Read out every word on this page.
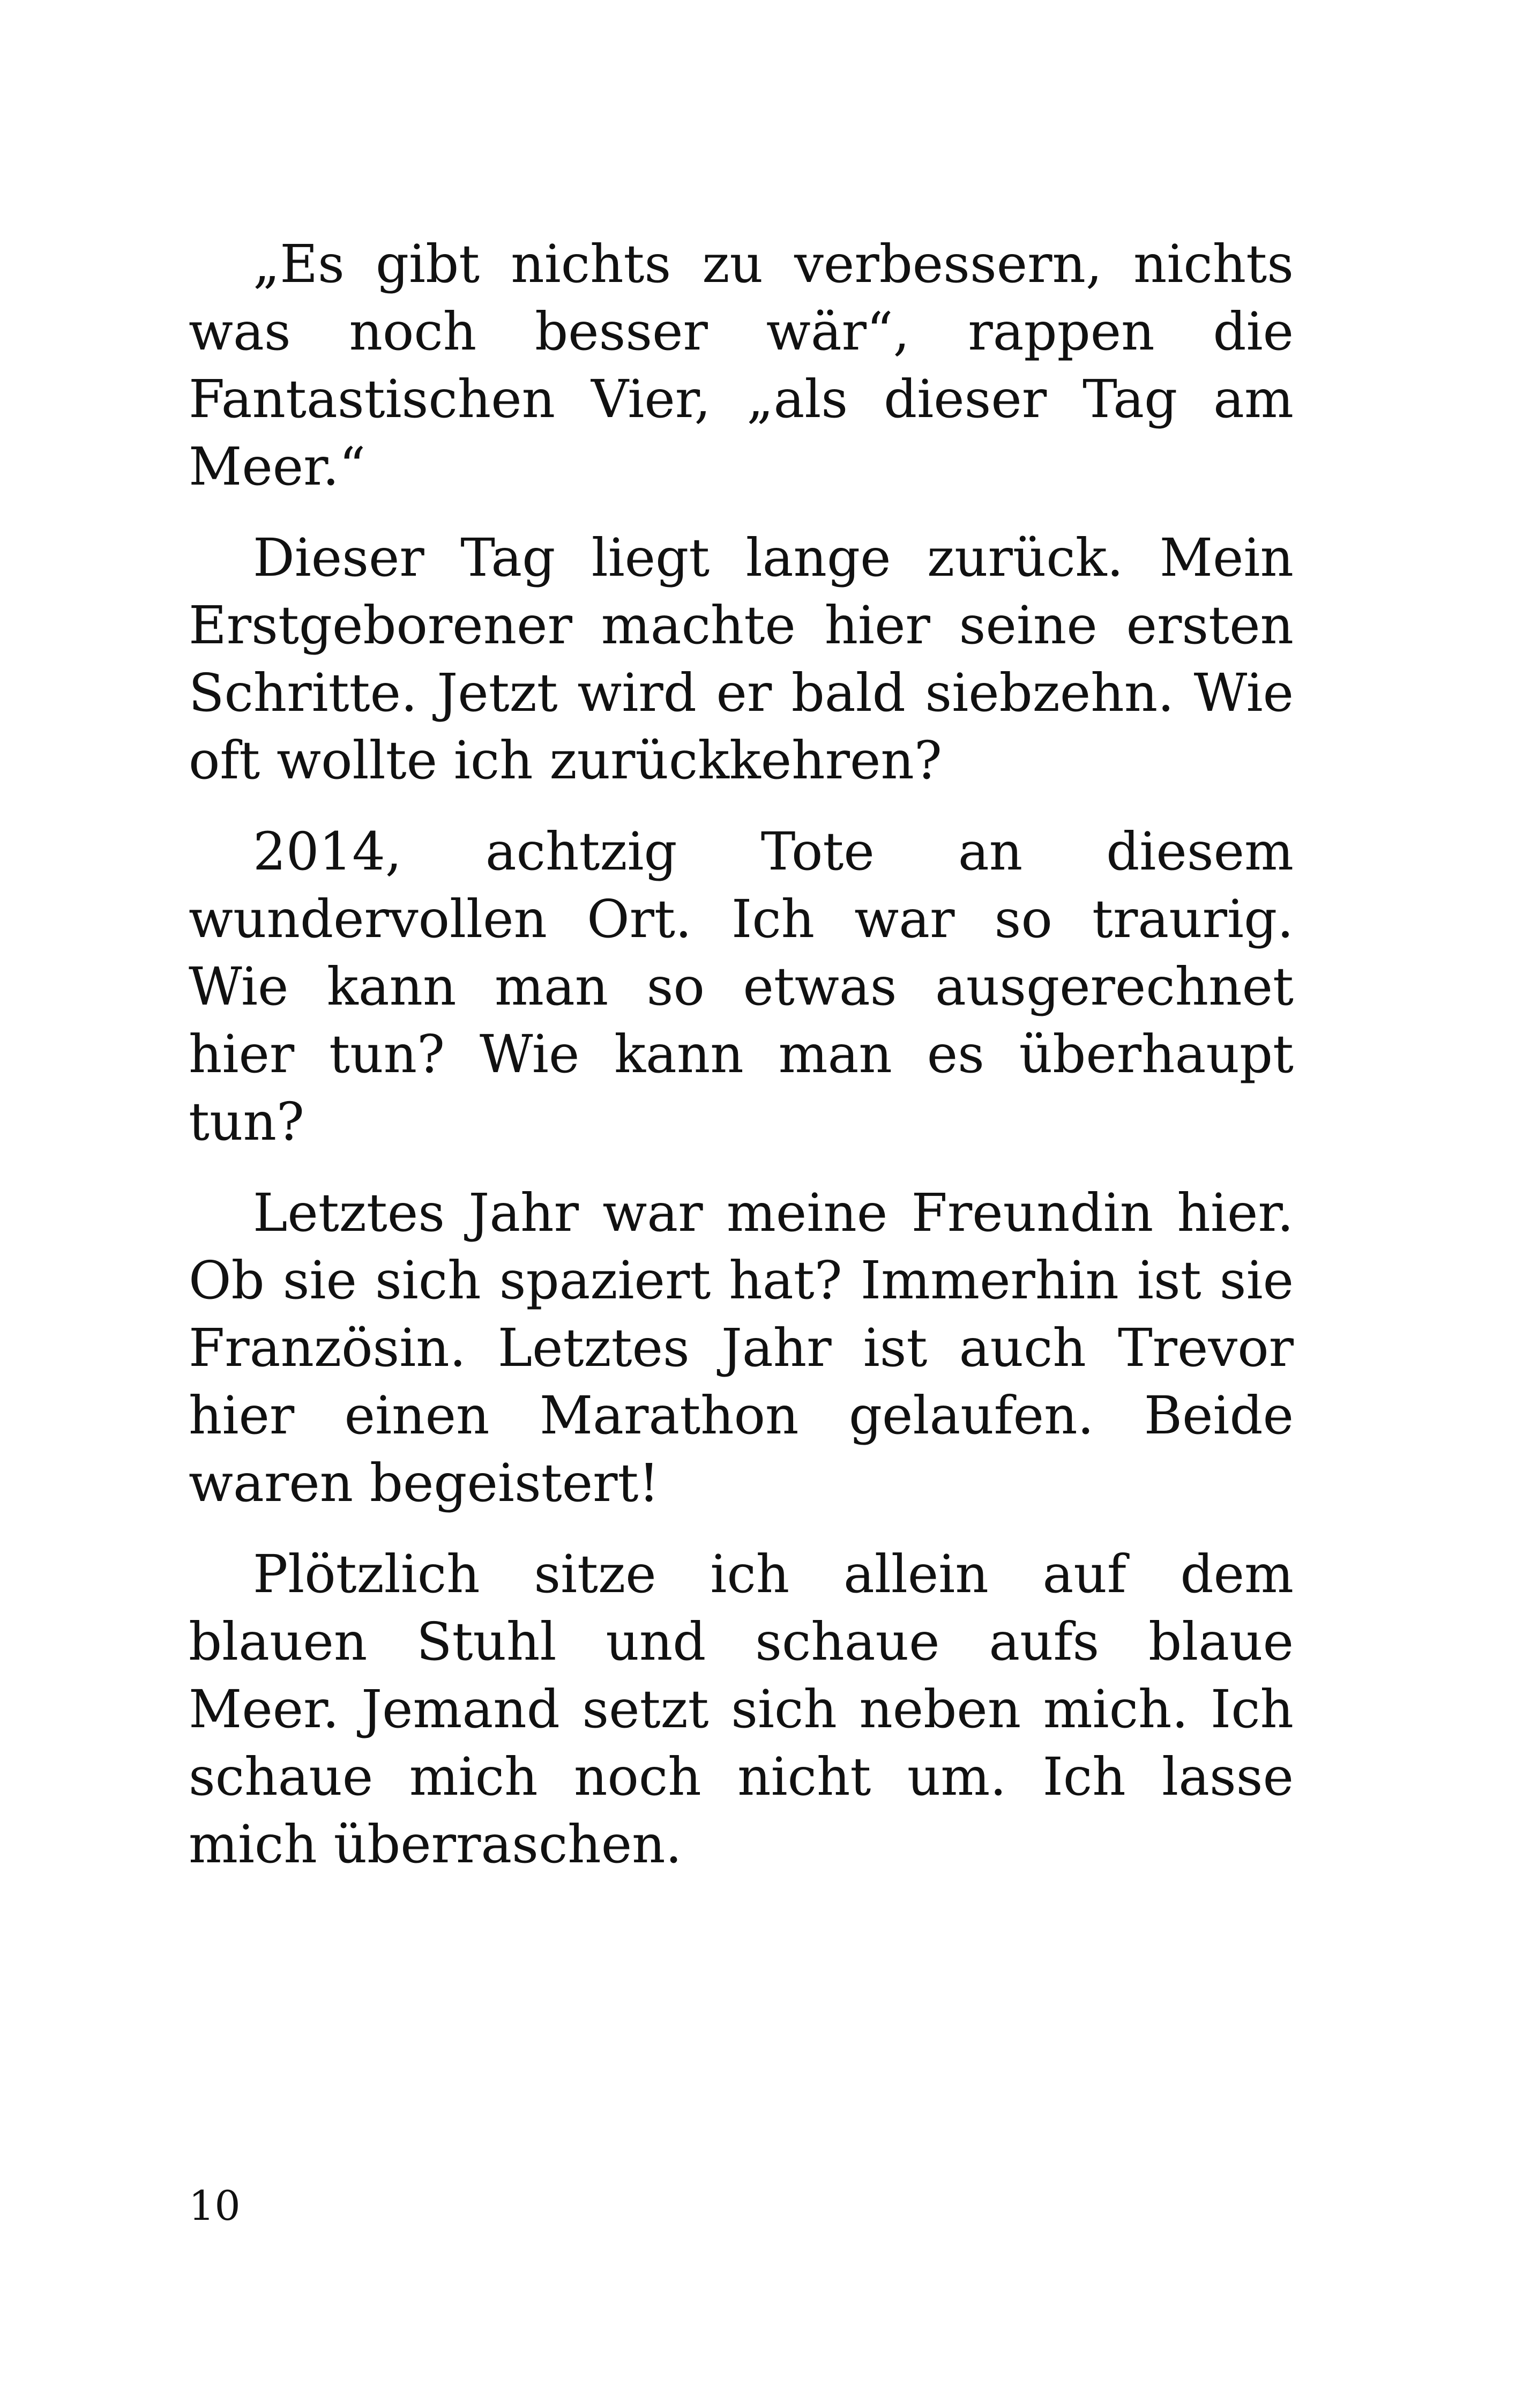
„Es gibt nichts zu verbessern, nichts was noch besser wär“, rappen die Fantastischen Vier, „als dieser Tag am Meer.“

Dieser Tag liegt lange zurück. Mein Erstgeborener machte hier seine ersten Schritte. Jetzt wird er bald siebzehn. Wie oft wollte ich zurückkehren?

2014, achtzig Tote an diesem wundervollen Ort. Ich war so traurig. Wie kann man so etwas ausgerechnet hier tun? Wie kann man es überhaupt tun?

Letztes Jahr war meine Freundin hier. Ob sie sich spaziert hat? Immerhin ist sie Französin. Letztes Jahr ist auch Trevor hier einen Marathon gelaufen. Beide waren begeistert!

Plötzlich sitze ich allein auf dem blauen Stuhl und schaue aufs blaue Meer. Jemand setzt sich neben mich. Ich schaue mich noch nicht um. Ich lasse mich überraschen.

10
